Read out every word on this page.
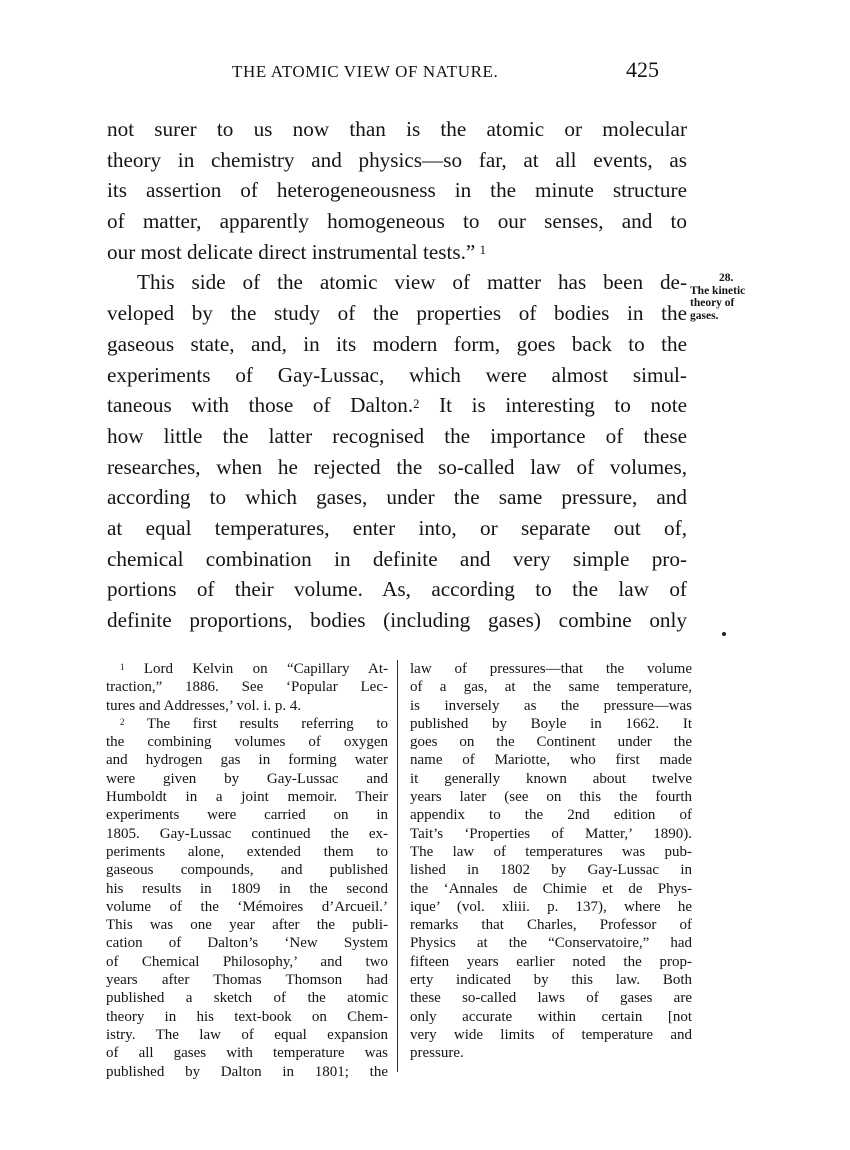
THE ATOMIC VIEW OF NATURE.	425
not surer to us now than is the atomic or molecular
theory in chemistry and physics—so far, at all events, as
its assertion of heterogeneousness in the minute structure
of matter, apparently homogeneous to our senses, and to
our most delicate direct instrumental tests.”  $^1$
This side of the atomic view of matter has been de-
veloped by the study of the properties of bodies in the
gaseous state, and, in its modern form, goes back to the
experiments of Gay-Lussac, which were almost simul-
taneous with those of Dalton.$^2$ It is interesting to note
how little the latter recognised the importance of these
researches, when he rejected the so-called law of volumes,
according to which gases, under the same pressure, and
at equal temperatures, enter into, or separate out of,
chemical combination in definite and very simple pro-
portions of their volume. As, according to the law of
definite proportions, bodies (including gases) combine only
28.
The kinetic
theory of
gases.
$^1$ Lord Kelvin on “Capillary At-
traction,” 1886. See ‘Popular Lec-
tures and Addresses,’ vol. i. p. 4.
$^2$ The first results referring to
the combining volumes of oxygen
and hydrogen gas in forming water
were given by Gay-Lussac and
Humboldt in a joint memoir. Their
experiments were carried on in
1805. Gay-Lussac continued the ex-
periments alone, extended them to
gaseous compounds, and published
his results in 1809 in the second
volume of the ‘Mémoires d’Arcueil.’
This was one year after the publi-
cation of Dalton’s ‘New System
of Chemical Philosophy,’ and two
years after Thomas Thomson had
published a sketch of the atomic
theory in his text-book on Chem-
istry. The law of equal expansion
of all gases with temperature was
published by Dalton in 1801; the
law of pressures—that the volume
of a gas, at the same temperature,
is inversely as the pressure—was
published by Boyle in 1662. It
goes on the Continent under the
name of Mariotte, who first made
it generally known about twelve
years later (see on this the fourth
appendix to the 2nd edition of
Tait’s ‘Properties of Matter,’ 1890).
The law of temperatures was pub-
lished in 1802 by Gay-Lussac in
the ‘Annales de Chimie et de Phys-
ique’ (vol. xliii. p. 137), where he
remarks that Charles, Professor of
Physics at the “Conservatoire,” had
fifteen years earlier noted the prop-
erty indicated by this law. Both
these so-called laws of gases are
only accurate within certain [not
very wide limits of temperature and
pressure.
